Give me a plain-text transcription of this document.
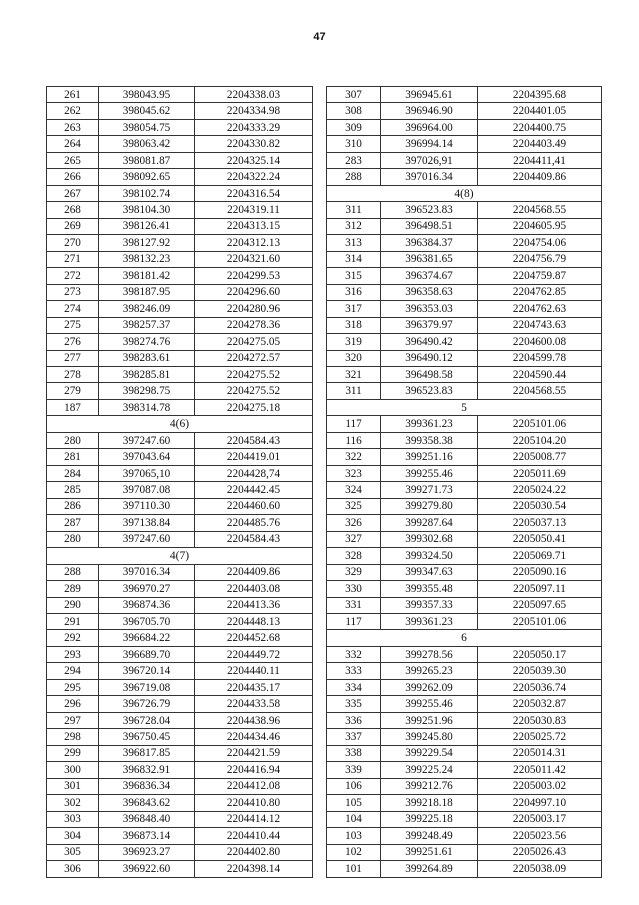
47
261	398043.95	2204338.03
262	398045.62	2204334.98
263	398054.75	2204333.29
264	398063.42	2204330.82
265	398081.87	2204325.14
266	398092.65	2204322.24
267	398102.74	2204316.54
268	398104.30	2204319.11
269	398126.41	2204313.15
270	398127.92	2204312.13
271	398132.23	2204321.60
272	398181.42	2204299.53
273	398187.95	2204296.60
274	398246.09	2204280.96
275	398257.37	2204278.36
276	398274.76	2204275.05
277	398283.61	2204272.57
278	398285.81	2204275.52
279	398298.75	2204275.52
187	398314.78	2204275.18
4(6)		
280	397247.60	2204584.43
281	397043.64	2204419.01
284	397065,10	2204428,74
285	397087.08	2204442.45
286	397110.30	2204460.60
287	397138.84	2204485.76
280	397247.60	2204584.43
4(7)		
288	397016.34	2204409.86
289	396970.27	2204403.08
290	396874.36	2204413.36
291	396705.70	2204448.13
292	396684.22	2204452.68
293	396689.70	2204449.72
294	396720.14	2204440.11
295	396719.08	2204435.17
296	396726.79	2204433.58
297	396728.04	2204438.96
298	396750.45	2204434.46
299	396817.85	2204421.59
300	396832.91	2204416.94
301	396836.34	2204412.08
302	396843.62	2204410.80
303	396848.40	2204414.12
304	396873.14	2204410.44
305	396923.27	2204402.80
306	396922.60	2204398.14
307	396945.61	2204395.68
308	396946.90	2204401.05
309	396964.00	2204400.75
310	396994.14	2204403.49
283	397026,91	2204411,41
288	397016.34	2204409.86
4(8)		
311	396523.83	2204568.55
312	396498.51	2204605.95
313	396384.37	2204754.06
314	396381.65	2204756.79
315	396374.67	2204759.87
316	396358.63	2204762.85
317	396353.03	2204762.63
318	396379.97	2204743.63
319	396490.42	2204600.08
320	396490.12	2204599.78
321	396498.58	2204590.44
311	396523.83	2204568.55
5		
117	399361.23	2205101.06
116	399358.38	2205104.20
322	399251.16	2205008.77
323	399255.46	2205011.69
324	399271.73	2205024.22
325	399279.80	2205030.54
326	399287.64	2205037.13
327	399302.68	2205050.41
328	399324.50	2205069.71
329	399347.63	2205090.16
330	399355.48	2205097.11
331	399357.33	2205097.65
117	399361.23	2205101.06
6		
332	399278.56	2205050.17
333	399265.23	2205039.30
334	399262.09	2205036.74
335	399255.46	2205032.87
336	399251.96	2205030.83
337	399245.80	2205025.72
338	399229.54	2205014.31
339	399225.24	2205011.42
106	399212.76	2205003.02
105	399218.18	2204997.10
104	399225.18	2205003.17
103	399248.49	2205023.56
102	399251.61	2205026.43
101	399264.89	2205038.09
